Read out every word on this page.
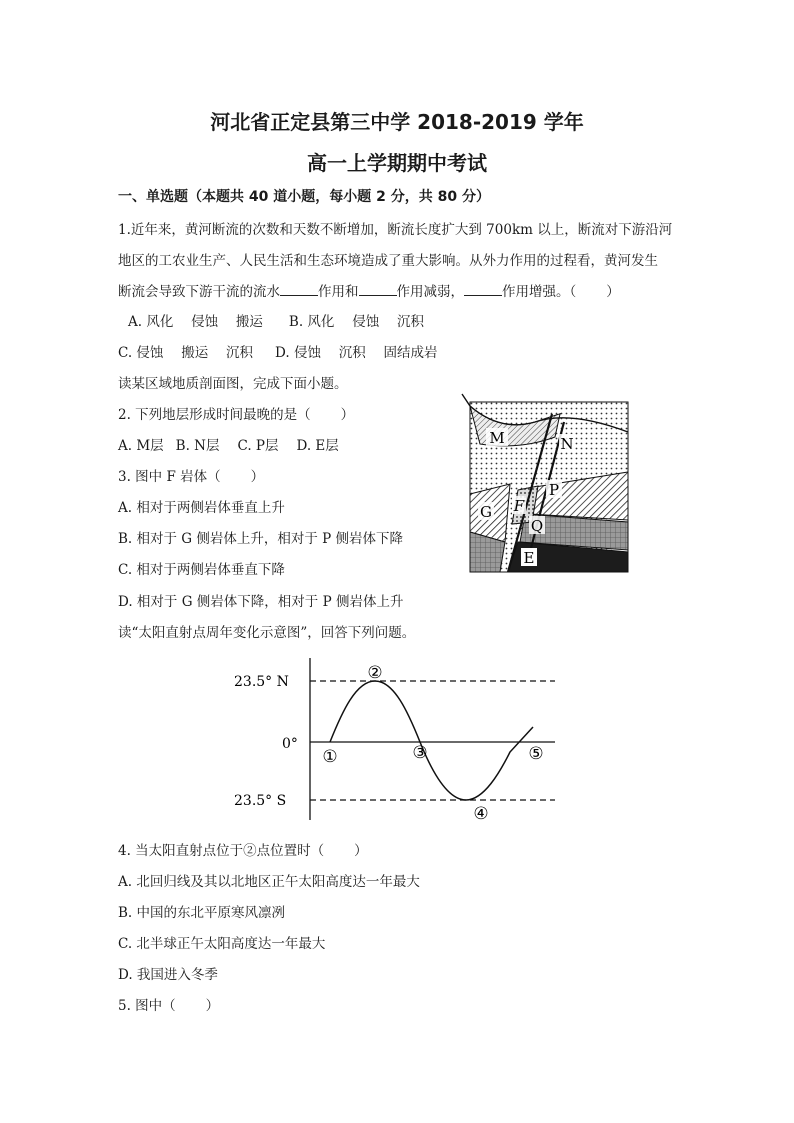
河北省正定县第三中学 2018-2019 学年
高一上学期期中考试
一、单选题（本题共 40 道小题，每小题 2 分，共 80 分）
1.近年来，黄河断流的次数和天数不断增加，断流长度扩大到 700km 以上，断流对下游沿河
地区的工农业生产、人民生活和生态环境造成了重大影响。从外力作用的过程看，黄河发生
断流会导致下游干流的流水	作用和	作用减弱，	作用增强。（ ）
A. 风化　 侵蚀　 搬运 B. 风化　 侵蚀　 沉积
C. 侵蚀　 搬运　 沉积 D. 侵蚀　 沉积　 固结成岩
读某区域地质剖面图，完成下面小题。
2. 下列地层形成时间最晚的是（ ）
A. M层 B. N层 C. P层 D. E层
3. 图中 F 岩体（ ）
A. 相对于两侧岩体垂直上升
B. 相对于 G 侧岩体上升，相对于 P 侧岩体下降
C. 相对于两侧岩体垂直下降
D. 相对于 G 侧岩体下降，相对于 P 侧岩体上升
M	N
P
G F
Q
E
读“太阳直射点周年变化示意图”，回答下列问题。
23.5° N
0°
23.5° S
①
②
③
④
⑤
4. 当太阳直射点位于②点位置时（ ）
A. 北回归线及其以北地区正午太阳高度达一年最大
B. 中国的东北平原寒风凛冽
C. 北半球正午太阳高度达一年最大
D. 我国进入冬季
5. 图中（ ）
